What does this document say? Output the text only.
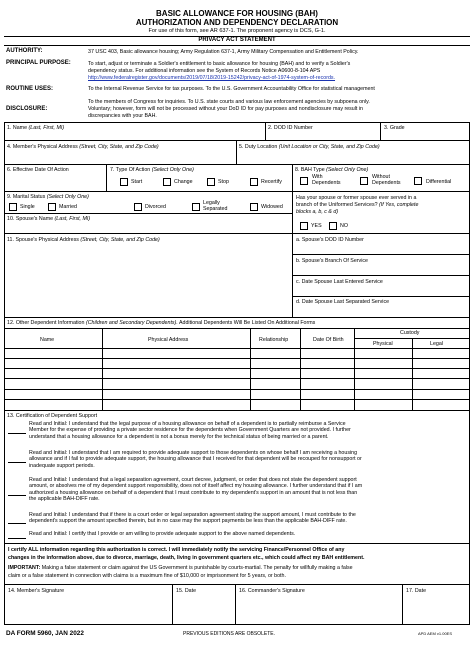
BASIC ALLOWANCE FOR HOUSING (BAH)
AUTHORIZATION AND DEPENDENCY DECLARATION
For use of this form, see AR 637-1. The proponent agency is DCS, G-1.
PRIVACY ACT STATEMENT
AUTHORITY:	37 USC 403, Basic allowance housing; Army Regulation 637-1, Army Military Compensation and Entitlement Policy.
PRINCIPAL PURPOSE:	To start, adjust or terminate a Soldier's entitlement to basic allowance for housing (BAH) and to verify a Soldier's
dependency status. For additional information see the System of Records Notice A0600-8-104 APS
http://www.federalregister.gov/documents/2019/07/18/2019-15242/privacy-act-of-1974-system-of-records.
ROUTINE USES:	To the Internal Revenue Service for tax purposes. To the U.S. Government Accountability Office for statistical management
To the members of Congress for inquiries. To U.S. state courts and various law enforcement agencies by subpoena only.
DISCLOSURE:	Voluntary; however, form will not be processed without your DoD ID for pay purposes and nondisclosure may result in
discrepancies with your BAH.
1. Name (Last, First, MI)	2. DOD ID Number	3. Grade
4. Member's Physical Address (Street, City, State, and Zip Code)	5. Duty Location (Unit Location or City, State, and Zip Code)
6. Effective Date Of Action	7. Type Of Action (Select Only One)
Start	Change	Stop	Recertify
8. BAH Type (Select Only One)
With
Dependents
Without
Dependents	Differential
9. Marital Status (Select Only One)
Single	Married	Divorced
Legally
Separated	Widowed
Has your spouse or former spouse ever served in a
branch of the Uniformed Services? (If Yes, complete
blocks a, b, c & d)
YES	NO
10. Spouse's Name (Last, First, MI)
11. Spouse's Physical Address (Street, City, State, and Zip Code)	a. Spouse's DOD ID Number
b. Spouse's Branch Of Service
c. Date Spouse Last Entered Service
d. Date Spouse Last Separated Service
12. Other Dependent Information (Children and Secondary Dependents). Additional Dependents Will Be Listed On Additional Forms
Name	Physical Address	Relationship	Date Of Birth
Custody
Physical	Legal
13. Certification of Dependent Support
Read and Initial: I understand that the legal purpose of a housing allowance on behalf of a dependent is to partially reimburse a Service
Member for the expense of providing a private sector residence for the dependents when Government Quarters are not provided. I further
understand that a housing allowance for a dependent is not a bonus merely for the technical status of being married or a parent.
Read and Initial: I understand that I am required to provide adequate support to those dependents on whose behalf I am receiving a housing
allowance and if I fail to provide adequate support, the housing allowance that I received for that dependent will be recouped for nonsupport or
inadequate support periods.
Read and Initial: I understand that a legal separation agreement, court decree, judgment, or order that does not state the dependent support
amount, or absolves me of my dependent support responsibility, does not of itself affect my housing allowance. I further understand that if I am
authorized a housing allowance on behalf of a dependent that I must contribute to my dependent's support in an amount that is not less than
the applicable BAH-DIFF rate.
Read and Initial: I understand that if there is a court order or legal separation agreement stating the support amount, I must contribute to the
dependent's support the amount specified therein, but in no case may the support payments be less than the applicable BAH-DIFF rate.
Read and Initial: I certify that I provide or am willing to provide adequate support to the above named dependents.
I certify ALL information regarding this authorization is correct. I will immediately notify the servicing Finance/Personnel Office of any
changes in the information above, due to divorce, marriage, death, living in government quarters etc., which could affect my BAH entitlement.
IMPORTANT: Making a false statement or claim against the US Government is punishable by courts-martial. The penalty for willfully making a false
claim or a false statement in connection with claims is a maximum fine of $10,000 or imprisonment for 5 years, or both.
14. Member's Signature	15. Date	16. Commander's Signature	17. Date
DA FORM 5960, JAN 2022	PREVIOUS EDITIONS ARE OBSOLETE.	APD AEM v1.00ES
